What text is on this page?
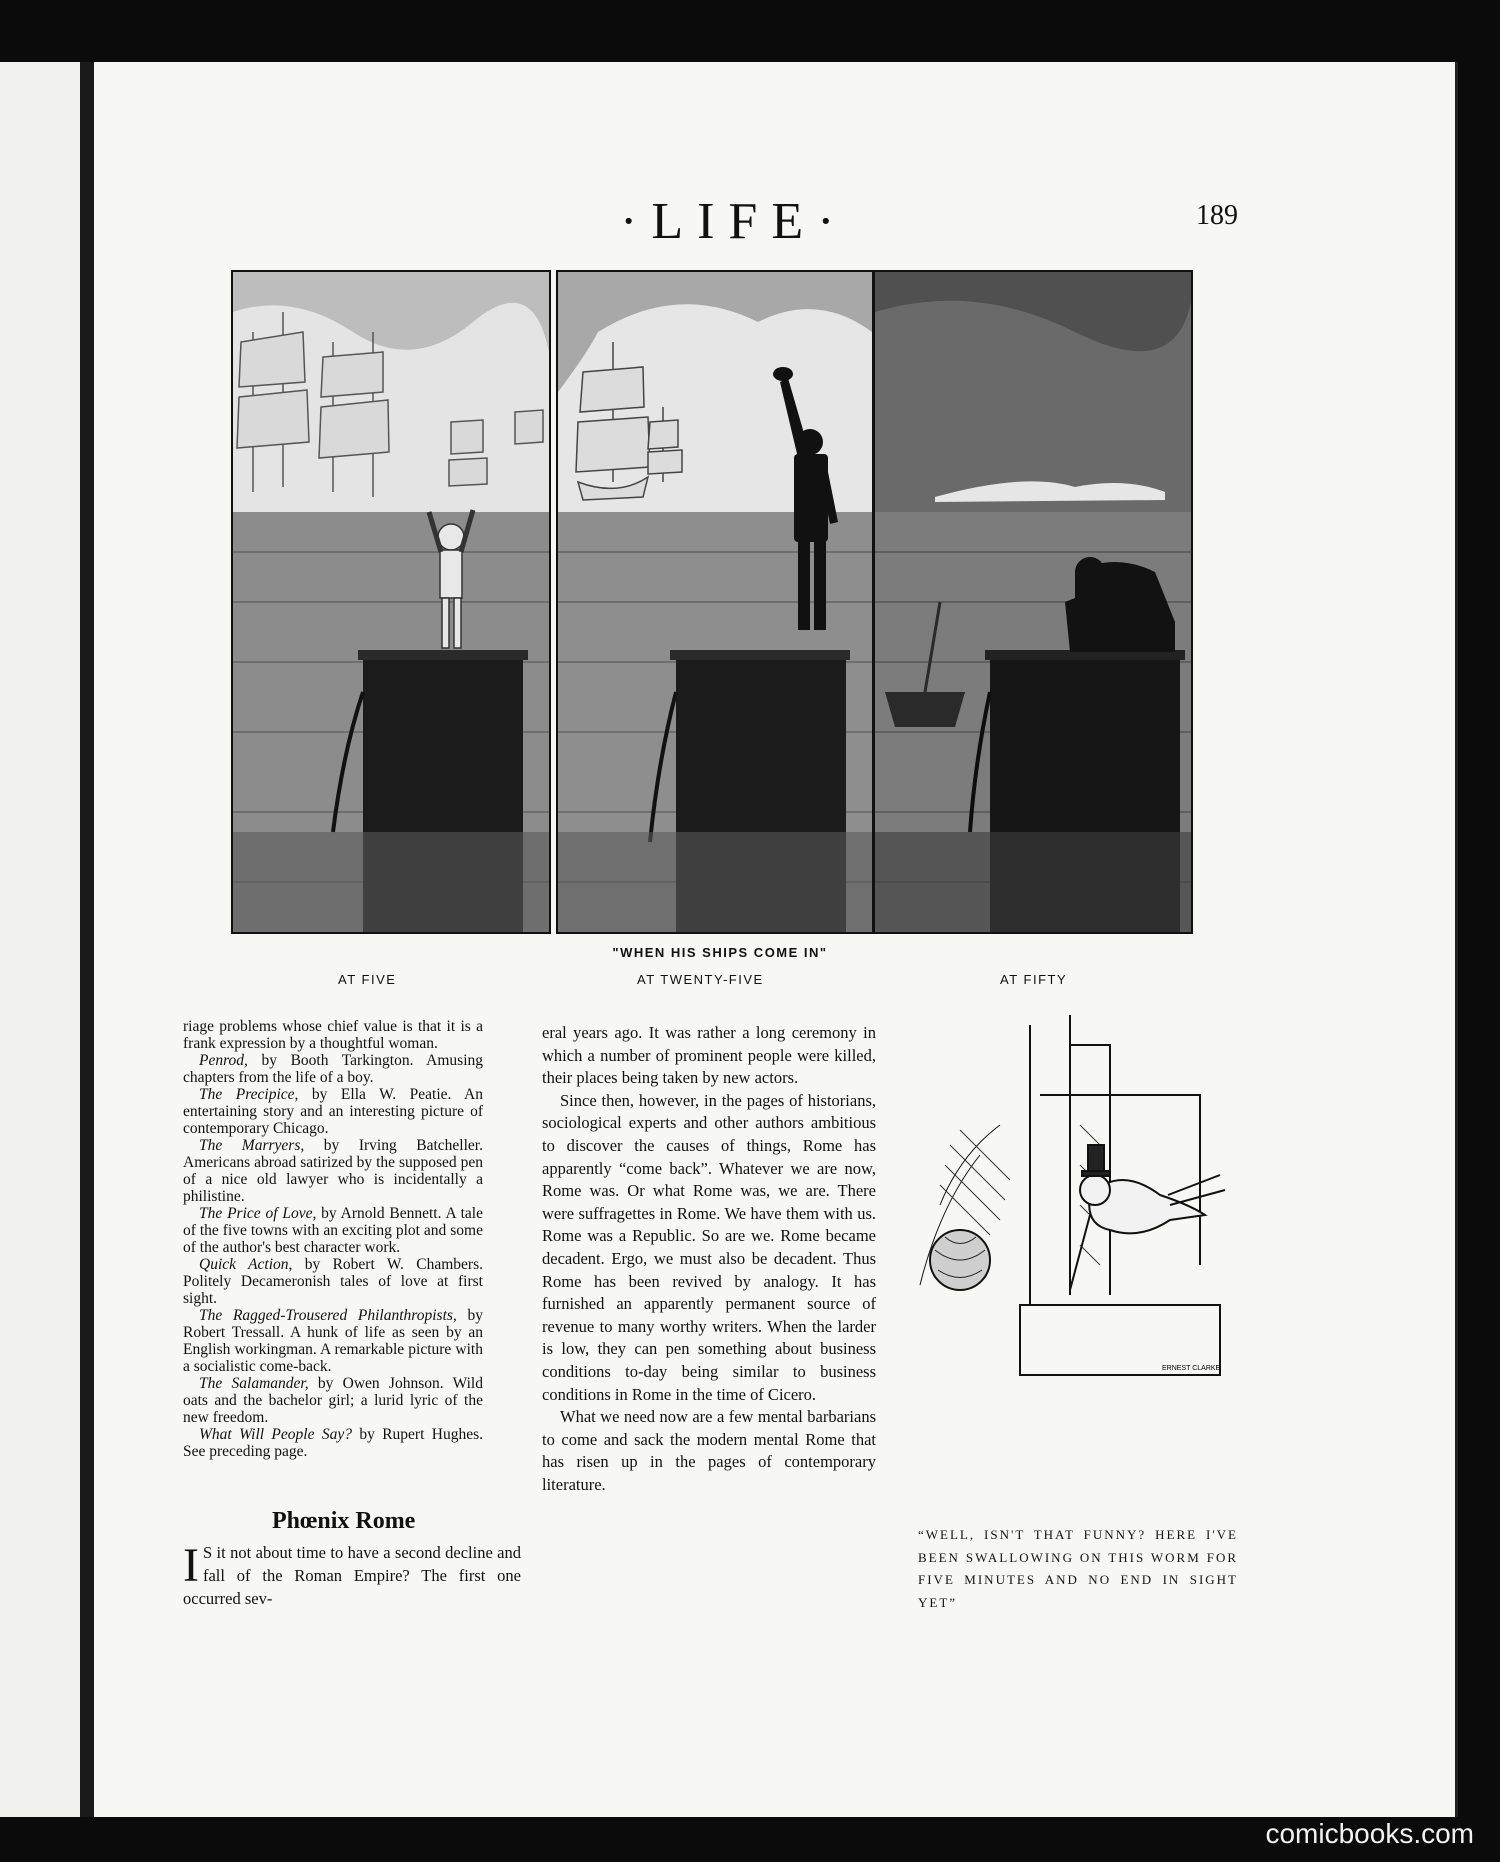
·LIFE·	189
"WHEN HIS SHIPS COME IN"
AT FIVE	AT TWENTY-FIVE	AT FIFTY

riage problems whose chief value is that it is a frank expression by a thoughtful woman.

Penrod, by Booth Tarkington. Amusing chapters from the life of a boy.

The Precipice, by Ella W. Peatie. An entertaining story and an interesting picture of contemporary Chicago.

The Marryers, by Irving Batcheller. Americans abroad satirized by the supposed pen of a nice old lawyer who is incidentally a philistine.

The Price of Love, by Arnold Bennett. A tale of the five towns with an exciting plot and some of the author's best character work.

Quick Action, by Robert W. Chambers. Politely Decameronish tales of love at first sight.

The Ragged-Trousered Philanthropists, by Robert Tressall. A hunk of life as seen by an English workingman. A remarkable picture with a socialistic come-back.

The Salamander, by Owen Johnson. Wild oats and the bachelor girl; a lurid lyric of the new freedom.

What Will People Say? by Rupert Hughes. See preceding page.

Phœnix Rome
I S it not about time to have a second decline and fall of the Roman Empire? The first one occurred sev-

eral years ago. It was rather a long ceremony in which a number of prominent people were killed, their places being taken by new actors.

Since then, however, in the pages of historians, sociological experts and other authors ambitious to discover the causes of things, Rome has apparently “come back”. Whatever we are now, Rome was. Or what Rome was, we are. There were suffragettes in Rome. We have them with us. Rome was a Republic. So are we. Rome became decadent. Ergo, we must also be decadent. Thus Rome has been revived by analogy. It has furnished an apparently permanent source of revenue to many worthy writers. When the larder is low, they can pen something about business conditions to-day being similar to business conditions in Rome in the time of Cicero.

What we need now are a few mental barbarians to come and sack the modern mental Rome that has risen up in the pages of contemporary literature.

ERNEST CLARKE
“WELL, ISN'T THAT FUNNY? HERE I'VE BEEN SWALLOWING ON THIS WORM FOR FIVE MINUTES AND NO END IN SIGHT YET”
comicbooks.com
